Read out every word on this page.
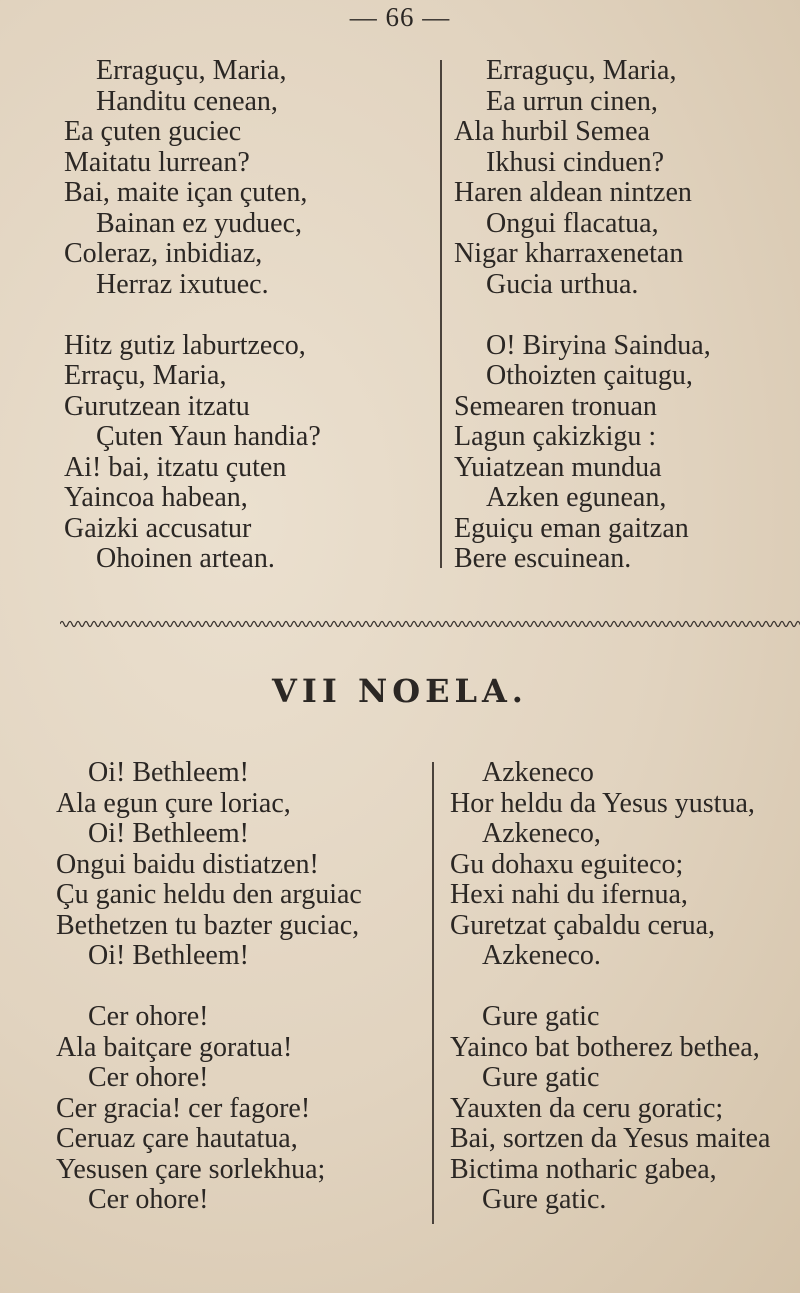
— 66 —
Erraguçu, Maria,
Handitu cenean,
Ea çuten guciec
Maitatu lurrean?
Bai, maite içan çuten,
Bainan ez yuduec,
Coleraz, inbidiaz,
Herraz ixutuec.
Hitz gutiz laburtzeco,
Erraçu, Maria,
Gurutzean itzatu
Çuten Yaun handia?
Ai! bai, itzatu çuten
Yaincoa habean,
Gaizki accusatur
Ohoinen artean.
Erraguçu, Maria,
Ea urrun cinen,
Ala hurbil Semea
Ikhusi cinduen?
Haren aldean nintzen
Ongui flacatua,
Nigar kharraxenetan
Gucia urthua.
O! Biryina Saindua,
Othoizten çaitugu,
Semearen tronuan
Lagun çakizkigu :
Yuiatzean mundua
Azken egunean,
Eguiçu eman gaitzan
Bere escuinean.
VII NOELA.
Oi! Bethleem!
Ala egun çure loriac,
Oi! Bethleem!
Ongui baidu distiatzen!
Çu ganic heldu den arguiac
Bethetzen tu bazter guciac,
Oi! Bethleem!
Cer ohore!
Ala baitçare goratua!
Cer ohore!
Cer gracia! cer fagore!
Ceruaz çare hautatua,
Yesusen çare sorlekhua;
Cer ohore!
Azkeneco
Hor heldu da Yesus yustua,
Azkeneco,
Gu dohaxu eguiteco;
Hexi nahi du ifernua,
Guretzat çabaldu cerua,
Azkeneco.
Gure gatic
Yainco bat botherez bethea,
Gure gatic
Yauxten da ceru goratic;
Bai, sortzen da Yesus maitea
Bictima notharic gabea,
Gure gatic.
